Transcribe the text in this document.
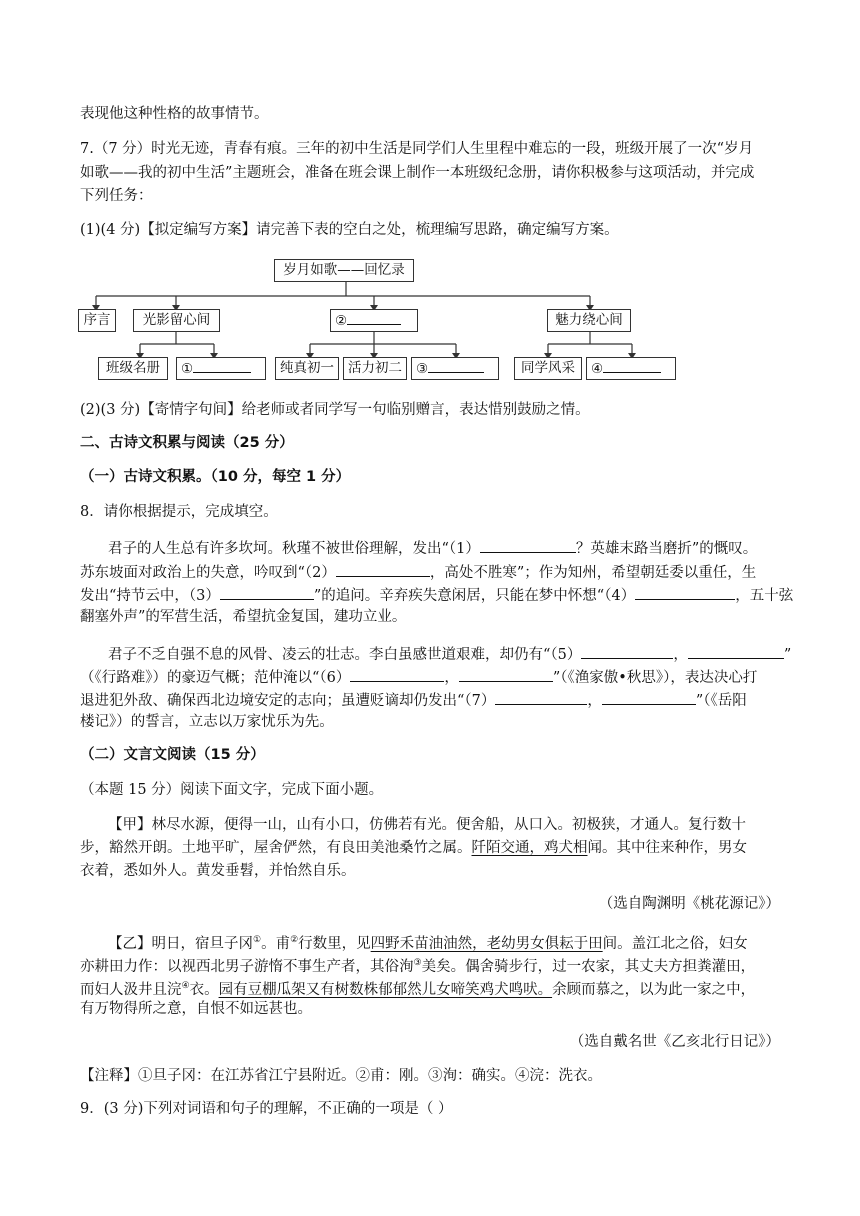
表现他这种性格的故事情节。
7.（7 分）时光无迹，青春有痕。三年的初中生活是同学们人生里程中难忘的一段，班级开展了一次“岁月
如歌——我的初中生活”主题班会，准备在班会课上制作一本班级纪念册，请你积极参与这项活动，并完成
下列任务：
(1)(4 分)【拟定编写方案】请完善下表的空白之处，梳理编写思路，确定编写方案。
岁月如歌——回忆录
序言	光影留心间	②	魅力绕心间
班级名册	①	纯真初一	活力初二	③	同学风采	④
(2)(3 分)【寄情字句间】给老师或者同学写一句临别赠言，表达惜别鼓励之情。
二、古诗文积累与阅读（25 分）
（一）古诗文积累。（10 分，每空 1 分）
8．请你根据提示，完成填空。
君子的人生总有许多坎坷。秋瑾不被世俗理解，发出“（1）	？英雄末路当磨折”的慨叹。
苏东坡面对政治上的失意，吟叹到“（2）	，高处不胜寒”；作为知州，希望朝廷委以重任，生
发出“持节云中，（3）	”的追问。辛弃疾失意闲居，只能在梦中怀想“（4）	，五十弦
翻塞外声”的军营生活，希望抗金复国，建功立业。
君子不乏自强不息的风骨、凌云的壮志。李白虽感世道艰难，却仍有“（5）	，	”
（《行路难》）的豪迈气概；范仲淹以“（6）	，	”（《渔家傲•秋思》），表达决心打
退进犯外敌、确保西北边境安定的志向；虽遭贬谪却仍发出“（7）	，	”（《岳阳
楼记》）的誓言，立志以万家忧乐为先。
（二）文言文阅读（15 分）
（本题 15 分）阅读下面文字，完成下面小题。
【甲】林尽水源，便得一山，山有小口，仿佛若有光。便舍船，从口入。初极狭，才通人。复行数十
步，豁然开朗。土地平旷，屋舍俨然，有良田美池桑竹之属。阡陌交通，鸡犬相闻。其中往来种作，男女
衣着，悉如外人。黄发垂髫，并怡然自乐。
（选自陶渊明《桃花源记》）
【乙】明日，宿旦子冈①。甫②行数里，见四野禾苗油油然，老幼男女俱耘于田间。盖江北之俗，妇女
亦耕田力作：以视西北男子游惰不事生产者，其俗洵③美矣。偶舍骑步行，过一农家，其丈夫方担粪灌田，
而妇人汲井且浣④衣。园有豆棚瓜架又有树数株郁郁然儿女啼笑鸡犬鸣吠。余顾而慕之，以为此一家之中，
有万物得所之意，自恨不如远甚也。
（选自戴名世《乙亥北行日记》）
【注释】①旦子冈：在江苏省江宁县附近。②甫：刚。③洵：确实。④浣：洗衣。
9．(3 分)下列对词语和句子的理解，不正确的一项是（ ）
